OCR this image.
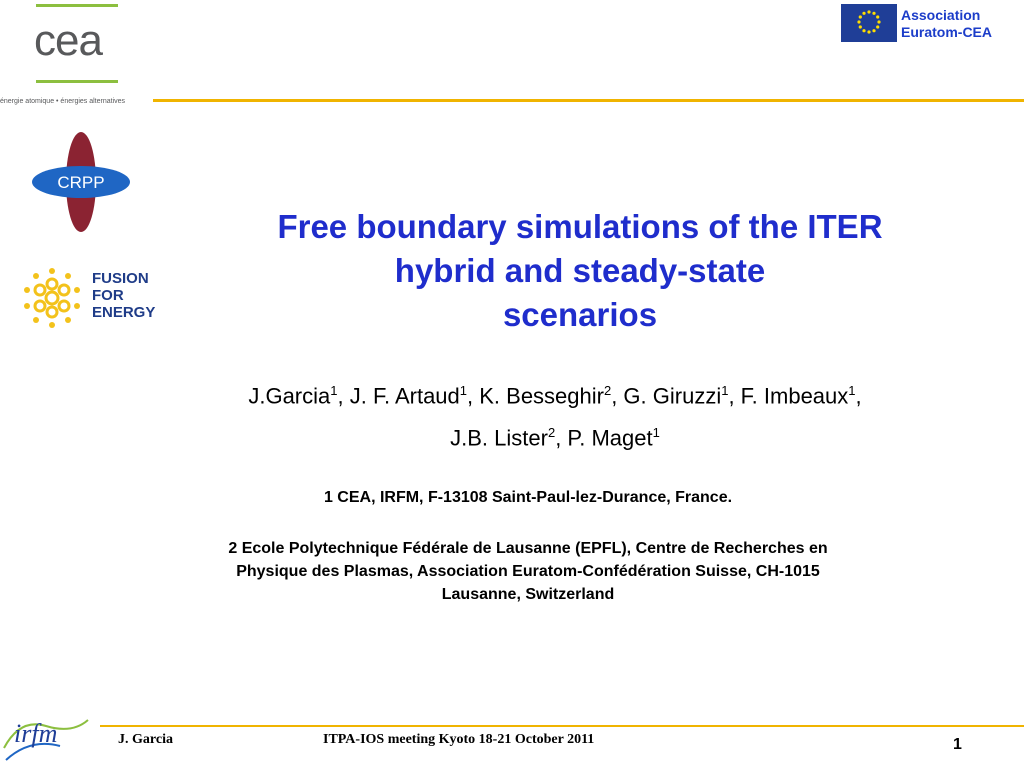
cea
énergie atomique • énergies alternatives
Association
Euratom-CEA
CRPP
FUSION
FOR
ENERGY
Free boundary simulations of the ITER
hybrid and steady-state
scenarios
J.Garcia$^1$, J. F. Artaud$^1$, K. Besseghir$^2$, G. Giruzzi$^1$, F. Imbeaux$^1$,
J.B. Lister$^2$, P. Maget$^1$
1 CEA, IRFM, F-13108 Saint-Paul-lez-Durance, France.
2 Ecole Polytechnique Fédérale de Lausanne (EPFL), Centre de Recherches en
Physique des Plasmas, Association Euratom-Confédération Suisse, CH-1015
Lausanne, Switzerland
irfm	J. Garcia	ITPA-IOS meeting Kyoto 18-21 October 2011	1
